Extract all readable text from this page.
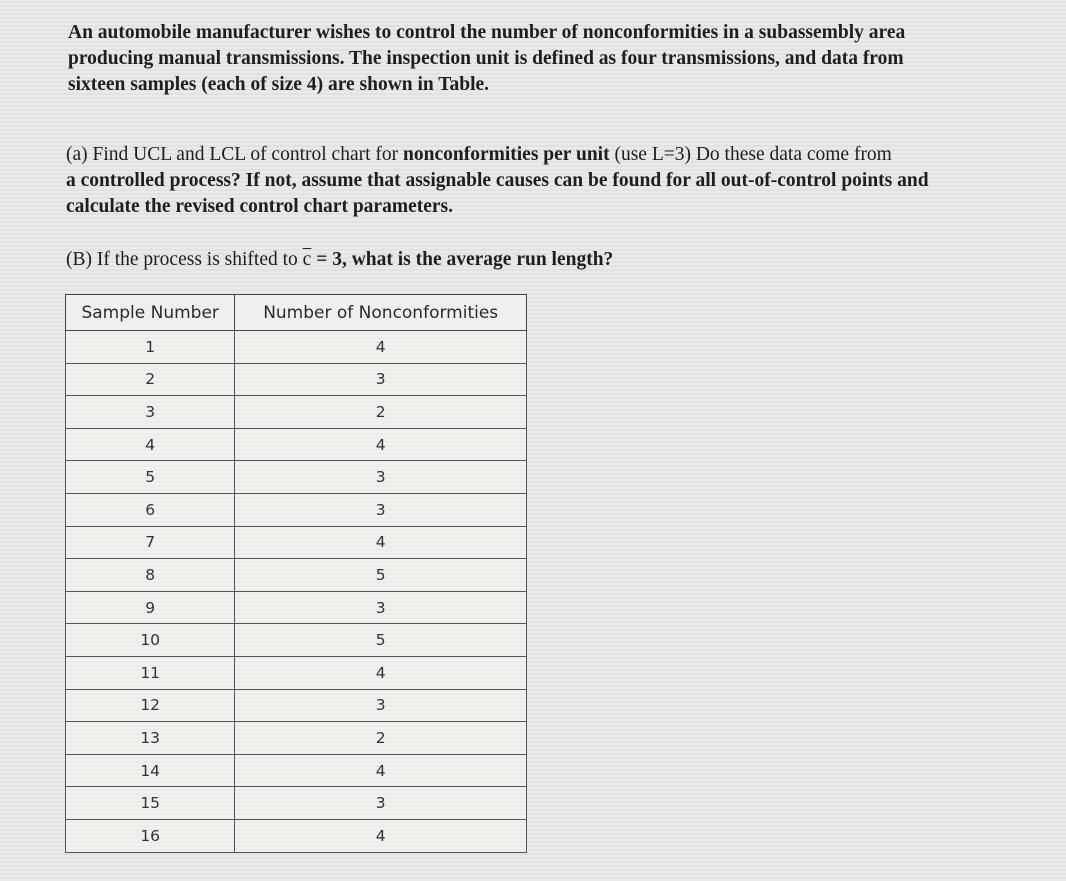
An automobile manufacturer wishes to control the number of nonconformities in a subassembly area
producing manual transmissions. The inspection unit is defined as four transmissions, and data from
sixteen samples (each of size 4) are shown in Table.

(a) Find UCL and LCL of control chart for nonconformities per unit (use L=3) Do these data come from
a controlled process? If not, assume that assignable causes can be found for all out-of-control points and
calculate the revised control chart parameters.

(B) If the process is shifted to $\overline{c} = 3$, what is the average run length?

Sample Number	Number of Nonconformities
1	4
2	3
3	2
4	4
5	3
6	3
7	4
8	5
9	3
10	5
11	4
12	3
13	2
14	4
15	3
16	4
